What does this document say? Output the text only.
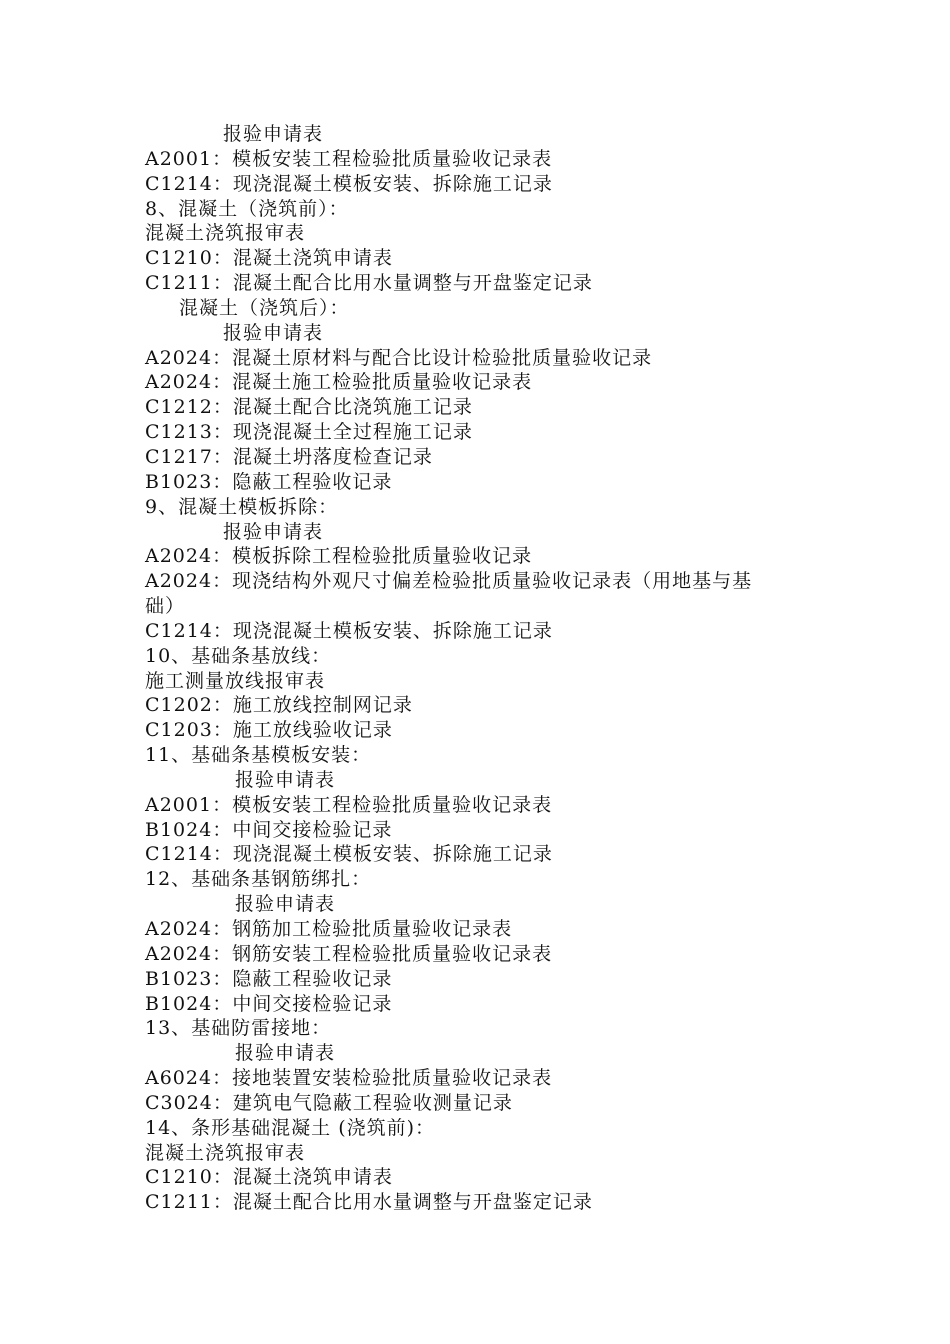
报验申请表
A2001：模板安装工程检验批质量验收记录表
C1214：现浇混凝土模板安装、拆除施工记录
8、混凝土（浇筑前）：
混凝土浇筑报审表
C1210：混凝土浇筑申请表
C1211：混凝土配合比用水量调整与开盘鉴定记录
混凝土（浇筑后）：
报验申请表
A2024：混凝土原材料与配合比设计检验批质量验收记录
A2024：混凝土施工检验批质量验收记录表
C1212：混凝土配合比浇筑施工记录
C1213：现浇混凝土全过程施工记录
C1217：混凝土坍落度检查记录
B1023：隐蔽工程验收记录
9、混凝土模板拆除：
报验申请表
A2024：模板拆除工程检验批质量验收记录
A2024：现浇结构外观尺寸偏差检验批质量验收记录表（用地基与基
础）
C1214：现浇混凝土模板安装、拆除施工记录
10、基础条基放线：
施工测量放线报审表
C1202：施工放线控制网记录
C1203：施工放线验收记录
11、基础条基模板安装：
报验申请表
A2001：模板安装工程检验批质量验收记录表
B1024：中间交接检验记录
C1214：现浇混凝土模板安装、拆除施工记录
12、基础条基钢筋绑扎：
报验申请表
A2024：钢筋加工检验批质量验收记录表
A2024：钢筋安装工程检验批质量验收记录表
B1023：隐蔽工程验收记录
B1024：中间交接检验记录
13、基础防雷接地：
报验申请表
A6024：接地装置安装检验批质量验收记录表
C3024：建筑电气隐蔽工程验收测量记录
14、条形基础混凝土 (浇筑前)：
混凝土浇筑报审表
C1210：混凝土浇筑申请表
C1211：混凝土配合比用水量调整与开盘鉴定记录
